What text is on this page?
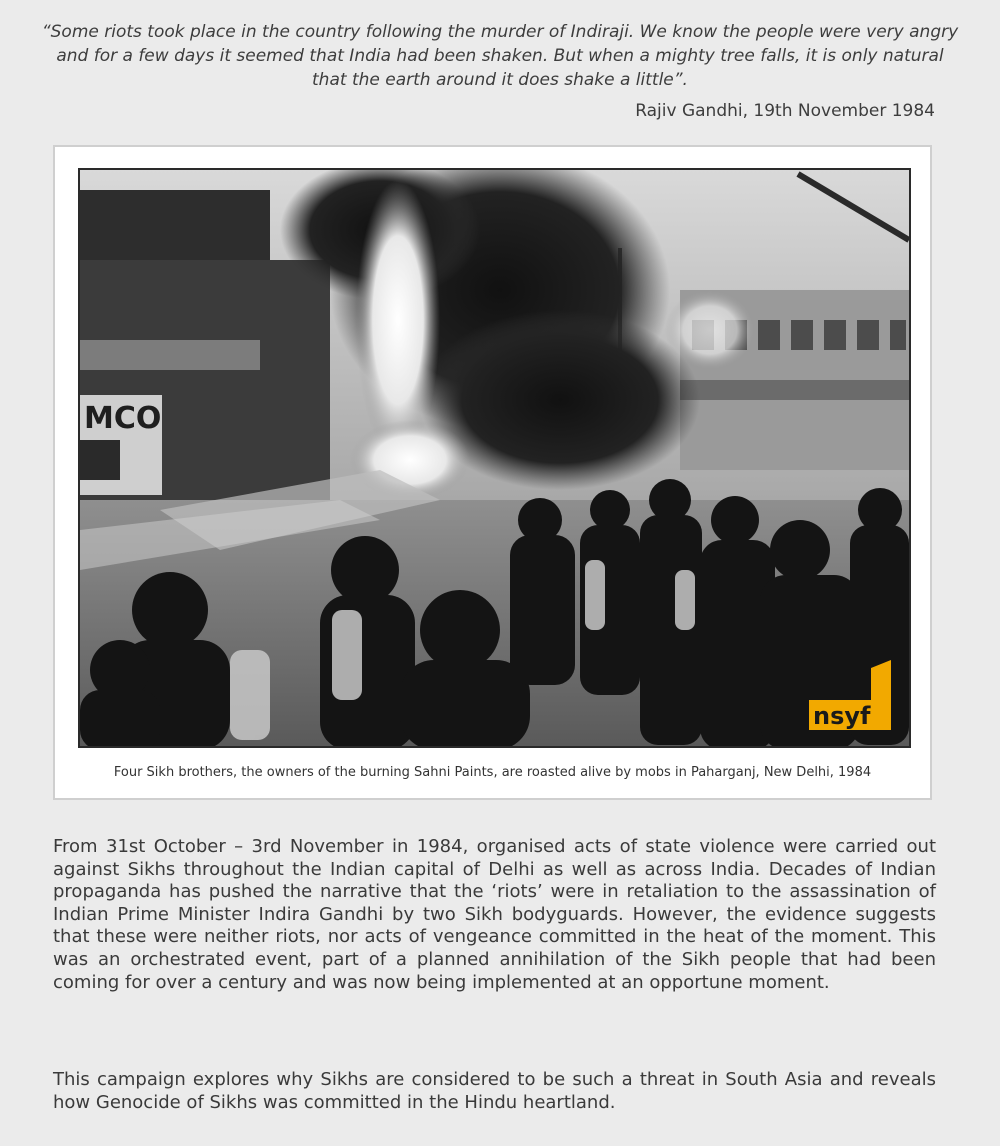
“Some riots took place in the country following the murder of Indiraji. We know the people were very angry and for a few days it seemed that India had been shaken. But when a mighty tree falls, it is only natural that the earth around it does shake a little”.

Rajiv Gandhi, 19th November 1984

MCO
nsyf

Four Sikh brothers, the owners of the burning Sahni Paints, are roasted alive by mobs in Paharganj, New Delhi, 1984

From 31st October – 3rd November in 1984, organised acts of state violence were carried out against Sikhs throughout the Indian capital of Delhi as well as across India. Decades of Indian propaganda has pushed the narrative that the ‘riots’ were in retaliation to the assassination of Indian Prime Minister Indira Gandhi by two Sikh bodyguards. However, the evidence suggests that these were neither riots, nor acts of vengeance committed in the heat of the moment. This was an orchestrated event, part of a planned annihilation of the Sikh people that had been coming for over a century and was now being implemented at an opportune moment.

This campaign explores why Sikhs are considered to be such a threat in South Asia and reveals how Genocide of Sikhs was committed in the Hindu heartland.
